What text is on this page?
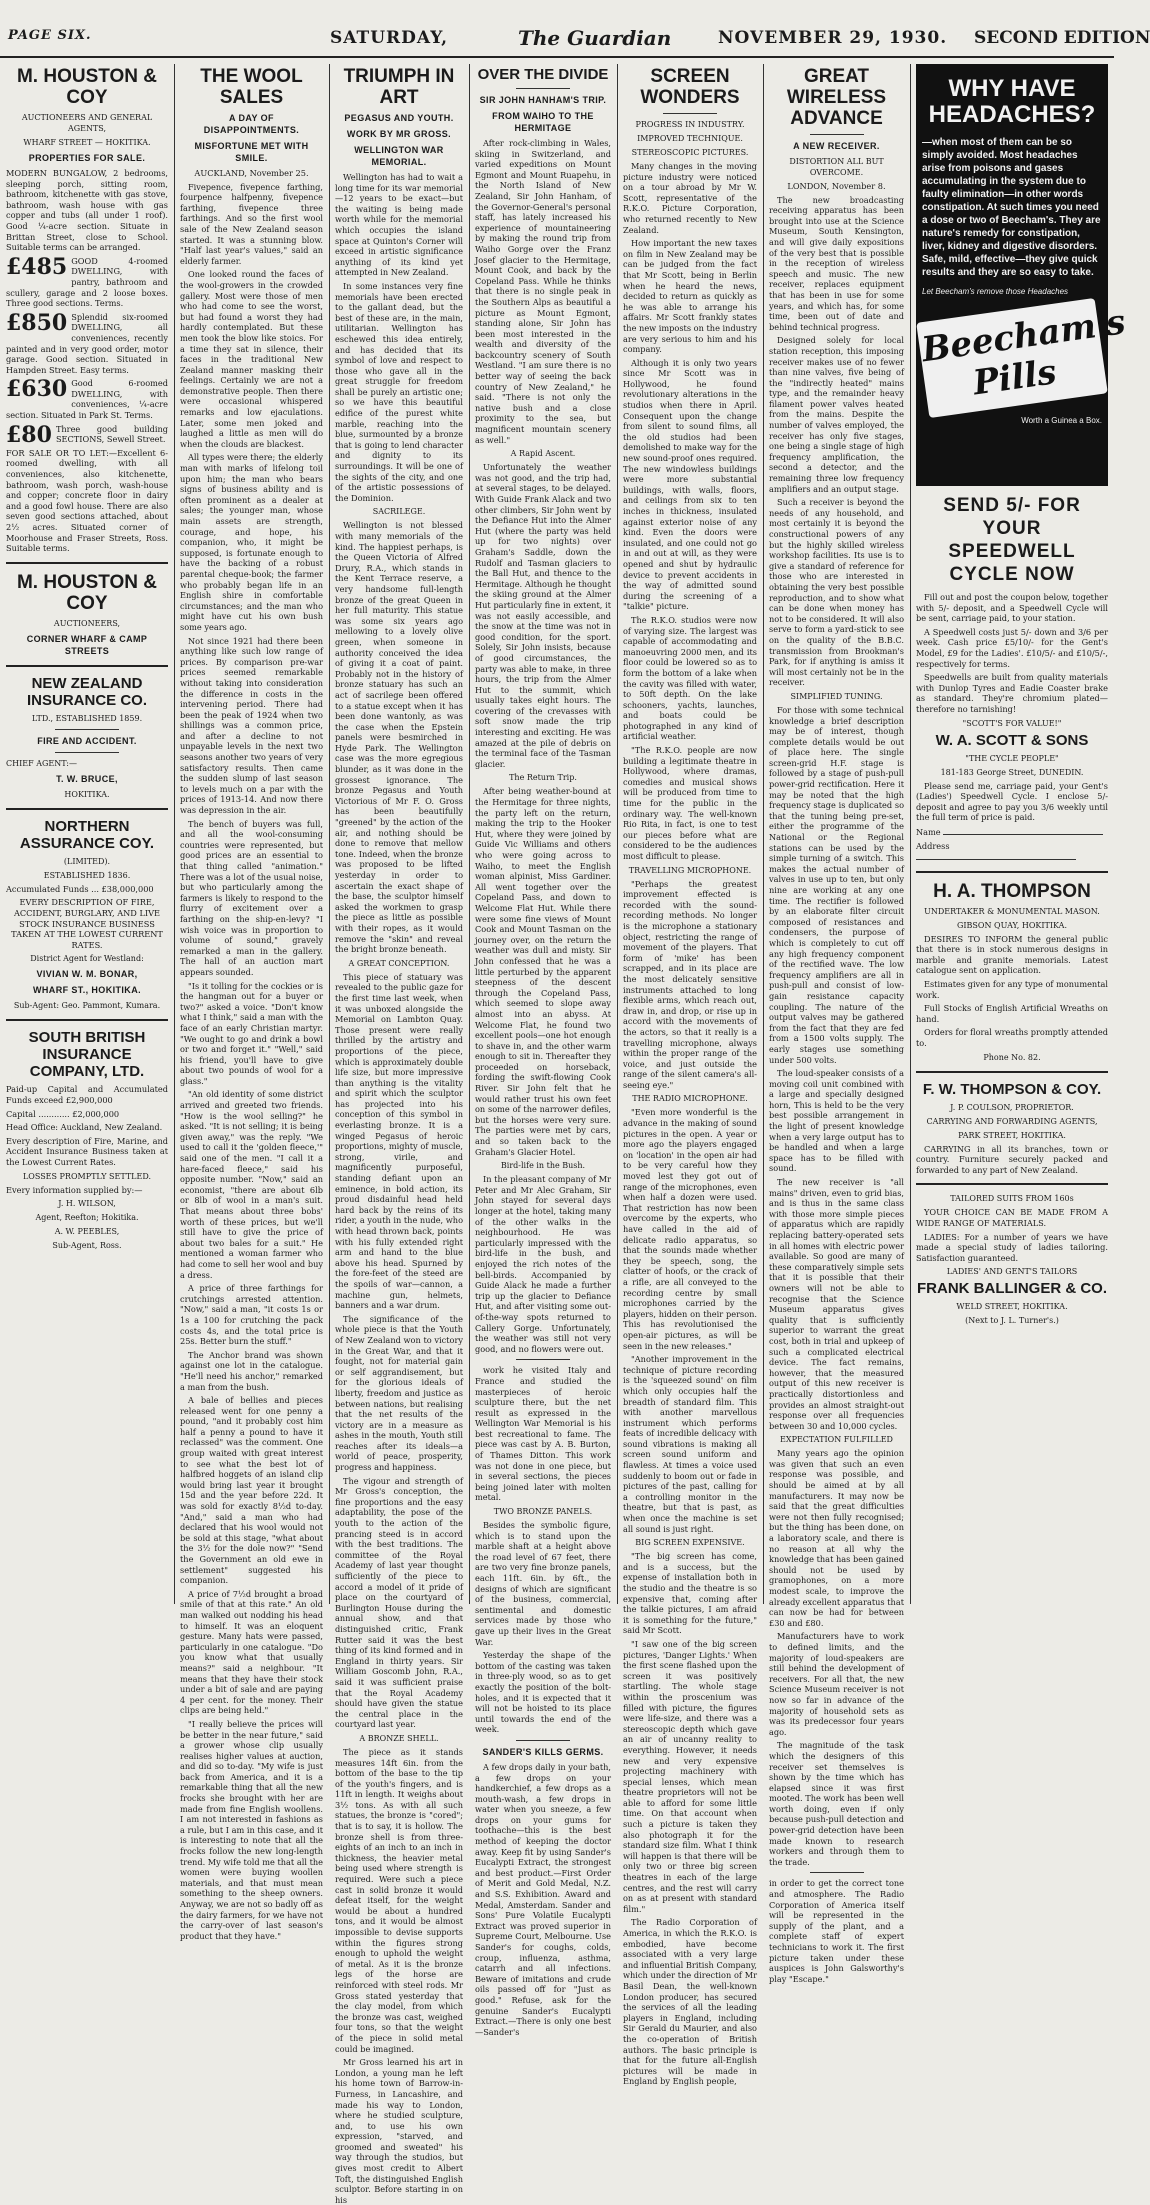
PAGE SIX.	SATURDAY,	The Guardian	NOVEMBER 29, 1930. SECOND EDITION
M. HOUSTON & COY
AUCTIONEERS AND GENERAL AGENTS,
WHARF STREET — HOKITIKA.
PROPERTIES FOR SALE.

MODERN BUNGALOW, 2 bedrooms, sleeping porch, sitting room, bathroom, kitchenette with gas stove, bathroom, wash house with gas copper and tubs (all under 1 roof). Good ¼-acre section. Situate in Brittan Street, close to School. Suitable terms can be arranged.

£485 GOOD 4-roomed DWELLING, with pantry, bathroom and scullery, garage and 2 loose boxes. Three good sections. Terms.

£850 Splendid six-roomed DWELLING, all conveniences, recently painted and in very good order, motor garage. Good section. Situated in Hampden Street. Easy terms.

£630 Good 6-roomed DWELLING, with conveniences, ¼-acre section. Situated in Park St. Terms.

£80 Three good building SECTIONS, Sewell Street.

FOR SALE OR TO LET:—Excellent 6-roomed dwelling, with all conveniences, also kitchenette, bathroom, wash porch, wash-house and copper; concrete floor in dairy and a good fowl house. There are also seven good sections attached, about 2½ acres. Situated corner of Moorhouse and Fraser Streets, Ross. Suitable terms.

M. HOUSTON & COY
AUCTIONEERS,
CORNER WHARF & CAMP STREETS
NEW ZEALAND INSURANCE CO.
LTD., ESTABLISHED 1859.
FIRE AND ACCIDENT.
CHIEF AGENT:—
T. W. BRUCE,
HOKITIKA.
NORTHERN ASSURANCE COY.
(LIMITED).
ESTABLISHED 1836.

Accumulated Funds ... £38,000,000

EVERY DESCRIPTION OF FIRE, ACCIDENT, BURGLARY, AND LIVE STOCK INSURANCE BUSINESS TAKEN AT THE LOWEST CURRENT RATES.

District Agent for Westland:
VIVIAN W. M. BONAR,
WHARF ST., HOKITIKA.
Sub-Agent: Geo. Pammont, Kumara.
SOUTH BRITISH INSURANCE COMPANY, LTD.

Paid-up Capital and Accumulated Funds exceed £2,900,000

Capital ............ £2,000,000

Head Office: Auckland, New Zealand.

Every description of Fire, Marine, and Accident Insurance Business taken at the Lowest Current Rates.

LOSSES PROMPTLY SETTLED.

Every information supplied by:—

J. H. WILSON,
Agent, Reefton; Hokitika.
A. W. PEEBLES,
Sub-Agent, Ross.
THE WOOL SALES
A DAY OF DISAPPOINTMENTS.
MISFORTUNE MET WITH SMILE.

AUCKLAND, November 25.

Fivepence, fivepence farthing, fourpence halfpenny, fivepence farthing, fivepence three farthings. And so the first wool sale of the New Zealand season started. It was a stunning blow. "Half last year's values," said an elderly farmer.

One looked round the faces of the wool-growers in the crowded gallery. Most were those of men who had come to see the worst, but had found a worst they had hardly contemplated. But these men took the blow like stoics. For a time they sat in silence, their faces in the traditional New Zealand manner masking their feelings. Certainly we are not a demonstrative people. Then there were occasional whispered remarks and low ejaculations. Later, some men joked and laughed a little as men will do when the clouds are blackest.

All types were there; the elderly man with marks of lifelong toil upon him; the man who bears signs of business ability and is often prominent as a dealer at sales; the younger man, whose main assets are strength, courage, and hope, his companion, who, it might be supposed, is fortunate enough to have the backing of a robust parental cheque-book; the farmer who probably began life in an English shire in comfortable circumstances; and the man who might have cut his own bush some years ago.

Not since 1921 had there been anything like such low range of prices. By comparison pre-war prices seemed remarkable without taking into consideration the difference in costs in the intervening period. There had been the peak of 1924 when two shillings was a common price, and after a decline to not unpayable levels in the next two seasons another two years of very satisfactory results. Then came the sudden slump of last season to levels much on a par with the prices of 1913-14. And now there was depression in the air.

The bench of buyers was full, and all the wool-consuming countries were represented, but good prices are an essential to that thing called "animation." There was a lot of the usual noise, but who particularly among the farmers is likely to respond to the flurry of excitement over a farthing on the ship-en-levy? "I wish voice was in proportion to volume of sound," gravely remarked a man in the gallery. The hall of an auction mart appears sounded.

"Is it tolling for the cockies or is the hangman out for a buyer or two?" asked a voice. "Don't know what I think," said a man with the face of an early Christian martyr. "We ought to go and drink a bowl or two and forget it." "Well," said his friend, you'll have to give about two pounds of wool for a glass."

"An old identity of some district arrived and greeted two friends. "How is the wool selling?" he asked. "It is not selling; it is being given away," was the reply. "We used to call it the 'golden fleece,'" said one of the men. "I call it a hare-faced fleece," said his opposite number. "Now," said an economist, "there are about 6lb or 8lb of wool in a man's suit. That means about three bobs' worth of these prices, but we'll still have to give the price of about two bales for a suit." He mentioned a woman farmer who had come to sell her wool and buy a dress.

A price of three farthings for crutchings arrested attention. "Now," said a man, "it costs 1s or 1s a 100 for crutching the pack costs 4s, and the total price is 25s. Better burn the stuff."

The Anchor brand was shown against one lot in the catalogue. "He'll need his anchor," remarked a man from the bush.

A bale of bellies and pieces released went for one penny a pound, "and it probably cost him half a penny a pound to have it reclassed" was the comment. One group waited with great interest to see what the best lot of halfbred hoggets of an island clip would bring last year it brought 15d and the year before 22d. It was sold for exactly 8½d to-day. "And," said a man who had declared that his wool would not be sold at this stage, "what about the 3½ for the dole now?" "Send the Government an old ewe in settlement" suggested his companion.

A price of 7½d brought a broad smile of that at this rate." An old man walked out nodding his head to himself. It was an eloquent gesture. Many hats were passed, particularly in one catalogue. "Do you know what that usually means?" said a neighbour. "It means that they have their stock under a bit of sale and are paying 4 per cent. for the money. Their clips are being held."

"I really believe the prices will be better in the near future," said a grower whose clip usually realises higher values at auction, and did so to-day. "My wife is just back from America, and it is a remarkable thing that all the new frocks she brought with her are made from fine English woollens. I am not interested in fashions as a rule, but I am in this case, and it is interesting to note that all the frocks follow the new long-length trend. My wife told me that all the women were buying woollen materials, and that must mean something to the sheep owners. Anyway, we are not so badly off as the dairy farmers, for we have not the carry-over of last season's product that they have."

TRIUMPH IN ART
PEGASUS AND YOUTH.
WORK BY MR GROSS.
WELLINGTON WAR MEMORIAL.

Wellington has had to wait a long time for its war memorial—12 years to be exact—but the waiting is being made worth while for the memorial which occupies the island space at Quinton's Corner will exceed in artistic significance anything of its kind yet attempted in New Zealand.

In some instances very fine memorials have been erected to the gallant dead, but the best of these are, in the main, utilitarian. Wellington has eschewed this idea entirely, and has decided that its symbol of love and respect to those who gave all in the great struggle for freedom shall be purely an artistic one; so we have this beautiful edifice of the purest white marble, reaching into the blue, surmounted by a bronze that is going to lend character and dignity to its surroundings. It will be one of the sights of the city, and one of the artistic possessions of the Dominion.

SACRILEGE.

Wellington is not blessed with many memorials of the kind. The happiest perhaps, is the Queen Victoria of Alfred Drury, R.A., which stands in the Kent Terrace reserve, a very handsome full-length bronze of the great Queen in her full maturity. This statue was some six years ago mellowing to a lovely olive green, when someone in authority conceived the idea of giving it a coat of paint. Probably not in the history of bronze statuary has such an act of sacrilege been offered to a statue except when it has been done wantonly, as was the case when the Epstein panels were besmirched in Hyde Park. The Wellington case was the more egregious blunder, as it was done in the grossest ignorance. The bronze Pegasus and Youth Victorious of Mr F. O. Gross has been beautifully "greened" by the action of the air, and nothing should be done to remove that mellow tone. Indeed, when the bronze was proposed to be lifted yesterday in order to ascertain the exact shape of the base, the sculptor himself asked the workmen to grasp the piece as little as possible with their ropes, as it would remove the "skin" and reveal the bright bronze beneath.

A GREAT CONCEPTION.

This piece of statuary was revealed to the public gaze for the first time last week, when it was unboxed alongside the Memorial on Lambton Quay. Those present were really thrilled by the artistry and proportions of the piece, which is approximately double life size, but more impressive than anything is the vitality and spirit which the sculptor has projected into his conception of this symbol in everlasting bronze. It is a winged Pegasus of heroic proportions, mighty of muscle, strong, virile, and magnificently purposeful, standing defiant upon an eminence, in bold action, its proud disdainful head held hard back by the reins of its rider, a youth in the nude, who with head thrown back, points with his fully extended right arm and hand to the blue above his head. Spurned by the fore-feet of the steed are the spoils of war—cannon, a machine gun, helmets, banners and a war drum.

The significance of the whole piece is that the Youth of New Zealand won to victory in the Great War, and that it fought, not for material gain or self aggrandisement, but for the glorious ideals of liberty, freedom and justice as between nations, but realising that the net results of the victory are in a measure as ashes in the mouth, Youth still reaches after its ideals—a world of peace, prosperity, progress and happiness.

The vigour and strength of Mr Gross's conception, the fine proportions and the easy adaptability, the pose of the youth to the action of the prancing steed is in accord with the best traditions. The committee of the Royal Academy of last year thought sufficiently of the piece to accord a model of it pride of place on the courtyard of Burlington House during the annual show, and that distinguished critic, Frank Rutter said it was the best thing of its kind formed and in England in thirty years. Sir William Goscomb John, R.A., said it was sufficient praise that the Royal Academy should have given the statue the central place in the courtyard last year.

A BRONZE SHELL.

The piece as it stands measures 14ft 6in. from the bottom of the base to the tip of the youth's fingers, and is 11ft in length. It weighs about 3½ tons. As with all such statues, the bronze is "cored"; that is to say, it is hollow. The bronze shell is from three-eights of an inch to an inch in thickness, the heavier metal being used where strength is required. Were such a piece cast in solid bronze it would defeat itself, for the weight would be about a hundred tons, and it would be almost impossible to devise supports within the figures strong enough to uphold the weight of metal. As it is the bronze legs of the horse are reinforced with steel rods. Mr Gross stated yesterday that the clay model, from which the bronze was cast, weighed four tons, so that the weight of the piece in solid metal could be imagined.

Mr Gross learned his art in London, a young man he left his home town of Barrow-in-Furness, in Lancashire, and made his way to London, where he studied sculpture, and, to use his own expression, "starved, and groomed and sweated" his way through the studios, but gives most credit to Albert Toft, the distinguished English sculptor. Before starting in on his

OVER THE DIVIDE
SIR JOHN HANHAM'S TRIP.
FROM WAIHO TO THE HERMITAGE

After rock-climbing in Wales, skiing in Switzerland, and varied expeditions on Mount Egmont and Mount Ruapehu, in the North Island of New Zealand, Sir John Hanham, of the Governor-General's personal staff, has lately increased his experience of mountaineering by making the round trip from Waiho Gorge over the Franz Josef glacier to the Hermitage, Mount Cook, and back by the Copeland Pass. While he thinks that there is no single peak in the Southern Alps as beautiful a picture as Mount Egmont, standing alone, Sir John has been most interested in the wealth and diversity of the backcountry scenery of South Westland. "I am sure there is no better way of seeing the back country of New Zealand," he said. "There is not only the native bush and a close proximity to the sea, but magnificent mountain scenery as well."

A Rapid Ascent.

Unfortunately the weather was not good, and the trip had, at several stages, to be delayed. With Guide Frank Alack and two other climbers, Sir John went by the Defiance Hut into the Almer Hut (where the party was held up for two nights) over Graham's Saddle, down the Rudolf and Tasman glaciers to the Ball Hut, and thence to the Hermitage. Although he thought the skiing ground at the Almer Hut particularly fine in extent, it was not easily accessible, and the snow at the time was not in good condition, for the sport. Solely, Sir John insists, because of good circumstances, the party was able to make, in three hours, the trip from the Almer Hut to the summit, which usually takes eight hours. The covering of the crevasses with soft snow made the trip interesting and exciting. He was amazed at the pile of debris on the terminal face of the Tasman glacier.

The Return Trip.

After being weather-bound at the Hermitage for three nights, the party left on the return, making the trip to the Hooker Hut, where they were joined by Guide Vic Williams and others who were going across to Waiho, to meet the English woman alpinist, Miss Gardiner. All went together over the Copeland Pass, and down to Welcome Flat Hut. While there were some fine views of Mount Cook and Mount Tasman on the journey over, on the return the weather was dull and misty. Sir John confessed that he was a little perturbed by the apparent steepness of the descent through the Copeland Pass, which seemed to slope away almost into an abyss. At Welcome Flat, he found two excellent pools—one hot enough to shave in, and the other warm enough to sit in. Thereafter they proceeded on horseback, fording the swift-flowing Cook River. Sir John felt that he would rather trust his own feet on some of the narrower defiles, but the horses were very sure. The parties were met by cars, and so taken back to the Graham's Glacier Hotel.

Bird-life in the Bush.

In the pleasant company of Mr Peter and Mr Alec Graham, Sir John stayed for several days longer at the hotel, taking many of the other walks in the neighbourhood. He was particularly impressed with the bird-life in the bush, and enjoyed the rich notes of the bell-birds. Accompanied by Guide Alack he made a further trip up the glacier to Defiance Hut, and after visiting some out-of-the-way spots returned to Callery Gorge. Unfortunately, the weather was still not very good, and no flowers were out.

work he visited Italy and France and studied the masterpieces of heroic sculpture there, but the net result as expressed in the Wellington War Memorial is his best recreational to fame. The piece was cast by A. B. Burton, of Thames Ditton. This work was not done in one piece, but in several sections, the pieces being joined later with molten metal.

TWO BRONZE PANELS.

Besides the symbolic figure, which is to stand upon the marble shaft at a height above the road level of 67 feet, there are two very fine bronze panels, each 11ft. 6in. by 6ft., the designs of which are significant of the business, commercial, sentimental and domestic services made by those who gave up their lives in the Great War.

Yesterday the shape of the bottom of the casting was taken in three-ply wood, so as to get exactly the position of the bolt-holes, and it is expected that it will not be hoisted to its place until towards the end of the week.

SANDER'S KILLS GERMS.

A few drops daily in your bath, a few drops on your handkerchief, a few drops as a mouth-wash, a few drops in water when you sneeze, a few drops on your gums for toothache—this is the best method of keeping the doctor away. Keep fit by using Sander's Eucalypti Extract, the strongest and best product.—First Order of Merit and Gold Medal, N.Z. and S.S. Exhibition. Award and Medal, Amsterdam. Sander and Sons' Pure Volatile Eucalypti Extract was proved superior in Supreme Court, Melbourne. Use Sander's for coughs, colds, croup, influenza, asthma, catarrh and all infections. Beware of imitations and crude oils passed off for "Just as good." Refuse, ask for the genuine Sander's Eucalypti Extract.—There is only one best—Sander's

SCREEN WONDERS
PROGRESS IN INDUSTRY.
IMPROVED TECHNIQUE.
STEREOSCOPIC PICTURES.

Many changes in the moving picture industry were noticed on a tour abroad by Mr W. Scott, representative of the R.K.O. Picture Corporation, who returned recently to New Zealand.

How important the new taxes on film in New Zealand may be can be judged from the fact that Mr Scott, being in Berlin when he heard the news, decided to return as quickly as he was able to arrange his affairs. Mr Scott frankly states the new imposts on the industry are very serious to him and his company.

Although it is only two years since Mr Scott was in Hollywood, he found revolutionary alterations in the studios when there in April. Consequent upon the change from silent to sound films, all the old studios had been demolished to make way for the new sound-proof ones required. The new windowless buildings were more substantial buildings, with walls, floors, and ceilings from six to ten inches in thickness, insulated against exterior noise of any kind. Even the doors were insulated, and one could not go in and out at will, as they were opened and shut by hydraulic device to prevent accidents in the way of admitted sound during the screening of a "talkie" picture.

The R.K.O. studios were now of varying size. The largest was capable of accommodating and manoeuvring 2000 men, and its floor could be lowered so as to form the bottom of a lake when the cavity was filled with water, to 50ft depth. On the lake schooners, yachts, launches, and boats could be photographed in any kind of artificial weather.

"The R.K.O. people are now building a legitimate theatre in Hollywood, where dramas, comedies and musical shows will be produced from time to time for the public in the ordinary way. The well-known Rio Rita, in fact, is one to test our pieces before what are considered to be the audiences most difficult to please.

TRAVELLING MICROPHONE.

"Perhaps the greatest improvement effected is recorded with the sound-recording methods. No longer is the microphone a stationary object, restricting the range of movement of the players. That form of 'mike' has been scrapped, and in its place are the most delicately sensitive instruments attached to long flexible arms, which reach out, draw in, and drop, or rise up in accord with the movements of the actors, so that it really is a travelling microphone, always within the proper range of the voice, and just outside the range of the silent camera's all-seeing eye."

THE RADIO MICROPHONE.

"Even more wonderful is the advance in the making of sound pictures in the open. A year or more ago the players engaged on 'location' in the open air had to be very careful how they moved lest they got out of range of the microphones, even when half a dozen were used. That restriction has now been overcome by the experts, who have called in the aid of delicate radio apparatus, so that the sounds made whether they be speech, song, the clatter of hoofs, or the crack of a rifle, are all conveyed to the recording centre by small microphones carried by the players, hidden on their person. This has revolutionised the open-air pictures, as will be seen in the new releases."

"Another improvement in the technique of picture recording is the 'squeezed sound' on film which only occupies half the breadth of standard film. This with another marvellous instrument which performs feats of incredible delicacy with sound vibrations is making all screen sound uniform and flawless. At times a voice used suddenly to boom out or fade in pictures of the past, calling for a controlling monitor in the theatre, but that is past, as when once the machine is set all sound is just right.

BIG SCREEN EXPENSIVE.

"The big screen has come, and is a success, but the expense of installation both in the studio and the theatre is so expensive that, coming after the talkie pictures, I am afraid it is something for the future," said Mr Scott.

"I saw one of the big screen pictures, 'Danger Lights.' When the first scene flashed upon the screen it was positively startling. The whole stage within the proscenium was filled with picture, the figures were life-size, and there was a stereoscopic depth which gave an air of uncanny reality to everything. However, it needs new and very expensive projecting machinery with special lenses, which mean theatre proprietors will not be able to afford for some little time. On that account when such a picture is taken they also photograph it for the standard size film. What I think will happen is that there will be only two or three big screen theatres in each of the large centres, and the rest will carry on as at present with standard film."

The Radio Corporation of America, in which the R.K.O. is embodied, have become associated with a very large and influential British Company, which under the direction of Mr Basil Dean, the well-known London producer, has secured the services of all the leading players in England, including Sir Gerald du Maurier, and also the co-operation of British authors. The basic principle is that for the future all-English pictures will be made in England by English people,

GREAT WIRELESS ADVANCE
A NEW RECEIVER.
DISTORTION ALL BUT OVERCOME.

LONDON, November 8.

The new broadcasting receiving apparatus has been brought into use at the Science Museum, South Kensington, and will give daily expositions of the very best that is possible in the reception of wireless speech and music. The new receiver, replaces equipment that has been in use for some years, and which has, for some time, been out of date and behind technical progress.

Designed solely for local station reception, this imposing receiver makes use of no fewer than nine valves, five being of the "indirectly heated" mains type, and the remainder heavy filament power valves heated from the mains. Despite the number of valves employed, the receiver has only five stages, one being a single stage of high frequency amplification, the second a detector, and the remaining three low frequency amplifiers and an output stage.

Such a receiver is beyond the needs of any household, and most certainly it is beyond the constructional powers of any but the highly skilled wireless workshop facilities. Its use is to give a standard of reference for those who are interested in obtaining the very best possible reproduction, and to show what can be done when money has not to be considered. It will also serve to form a yard-stick to see on the quality of the B.B.C. transmission from Brookman's Park, for if anything is amiss it will most certainly not be in the receiver.

SIMPLIFIED TUNING.

For those with some technical knowledge a brief description may be of interest, though complete details would be out of place here. The single screen-grid H.F. stage is followed by a stage of push-pull power-grid rectification. Here it may be noted that the high frequency stage is duplicated so that the tuning being pre-set, either the programme of the National or the Regional stations can be used by the simple turning of a switch. This makes the actual number of valves in use up to ten, but only nine are working at any one time. The rectifier is followed by an elaborate filter circuit composed of resistances and condensers, the purpose of which is completely to cut off any high frequency component of the rectified wave. The low frequency amplifiers are all in push-pull and consist of low-gain resistance capacity coupling. The nature of the output valves may be gathered from the fact that they are fed from a 1500 volts supply. The early stages use something under 500 volts.

The loud-speaker consists of a moving coil unit combined with a large and specially designed horn, This is held to be the very best possible arrangement in the light of present knowledge when a very large output has to be handled and when a large space has to be filled with sound.

The new receiver is "all mains" driven, even to grid bias, and is thus in the same class with those more simple pieces of apparatus which are rapidly replacing battery-operated sets in all homes with electric power available. So good are many of these comparatively simple sets that it is possible that their owners will not be able to recognise that the Science Museum apparatus gives quality that is sufficiently superior to warrant the great cost, both in trial and upkeep of such a complicated electrical device. The fact remains, however, that the measured output of this new receiver is practically distortionless and provides an almost straight-out response over all frequencies between 30 and 10,000 cycles.

EXPECTATION FULFILLED

Many years ago the opinion was given that such an even response was possible, and should be aimed at by all manufacturers. It may now be said that the great difficulties were not then fully recognised; but the thing has been done, on a laboratory scale, and there is no reason at all why the knowledge that has been gained should not be used by gramophones, on a more modest scale, to improve the already excellent apparatus that can now be had for between £30 and £80.

Manufacturers have to work to defined limits, and the majority of loud-speakers are still behind the development of receivers. For all that, the new Science Museum receiver is not now so far in advance of the majority of household sets as was its predecessor four years ago.

The magnitude of the task which the designers of this receiver set themselves is shown by the time which has elapsed since it was first mooted. The work has been well worth doing, even if only because push-pull detection and power-grid detection have been made known to research workers and through them to the trade.

in order to get the correct tone and atmosphere. The Radio Corporation of America itself will be represented in the supply of the plant, and a complete staff of expert technicians to work it. The first picture taken under these auspices is John Galsworthy's play "Escape."

WHY HAVE HEADACHES?
—when most of them can be so simply avoided. Most headaches arise from poisons and gases accumulating in the system due to faulty elimination—in other words constipation. At such times you need a dose or two of Beecham's. They are nature's remedy for constipation, liver, kidney and digestive disorders. Safe, mild, effective—they give quick results and they are so easy to take.
Let Beecham's remove those Headaches
Beecham's Pills
Worth a Guinea a Box.
SEND 5/- FOR YOUR SPEEDWELL CYCLE NOW

Fill out and post the coupon below, together with 5/- deposit, and a Speedwell Cycle will be sent, carriage paid, to your station.

A Speedwell costs just 5/- down and 3/6 per week. Cash price £5/10/- for the Gent's Model, £9 for the Ladies'. £10/5/- and £10/5/-, respectively for terms.

Speedwells are built from quality materials with Dunlop Tyres and Eadie Coaster brake as standard. They're chromium plated—therefore no tarnishing!

"SCOTT'S FOR VALUE!"
W. A. SCOTT & SONS
"THE CYCLE PEOPLE"
181-183 George Street, DUNEDIN.

Please send me, carriage paid, your Gent's (Ladies') Speedwell Cycle. I enclose 5/- deposit and agree to pay you 3/6 weekly until the full term of price is paid.

Name

Address

H. A. THOMPSON
UNDERTAKER & MONUMENTAL MASON.
GIBSON QUAY, HOKITIKA.

DESIRES TO INFORM the general public that there is in stock numerous designs in marble and granite memorials. Latest catalogue sent on application.

Estimates given for any type of monumental work.

Full Stocks of English Artificial Wreaths on hand.

Orders for floral wreaths promptly attended to.

Phone No. 82.
F. W. THOMPSON & COY.
J. P. COULSON, PROPRIETOR.
CARRYING AND FORWARDING AGENTS,
PARK STREET, HOKITIKA.

CARRYING in all its branches, town or country. Furniture securely packed and forwarded to any part of New Zealand.

TAILORED SUITS FROM 160s

YOUR CHOICE CAN BE MADE FROM A WIDE RANGE OF MATERIALS.

LADIES: For a number of years we have made a special study of ladies tailoring. Satisfaction guaranteed.

LADIES' AND GENT'S TAILORS
FRANK BALLINGER & CO.
WELD STREET, HOKITIKA.
(Next to J. L. Turner's.)
